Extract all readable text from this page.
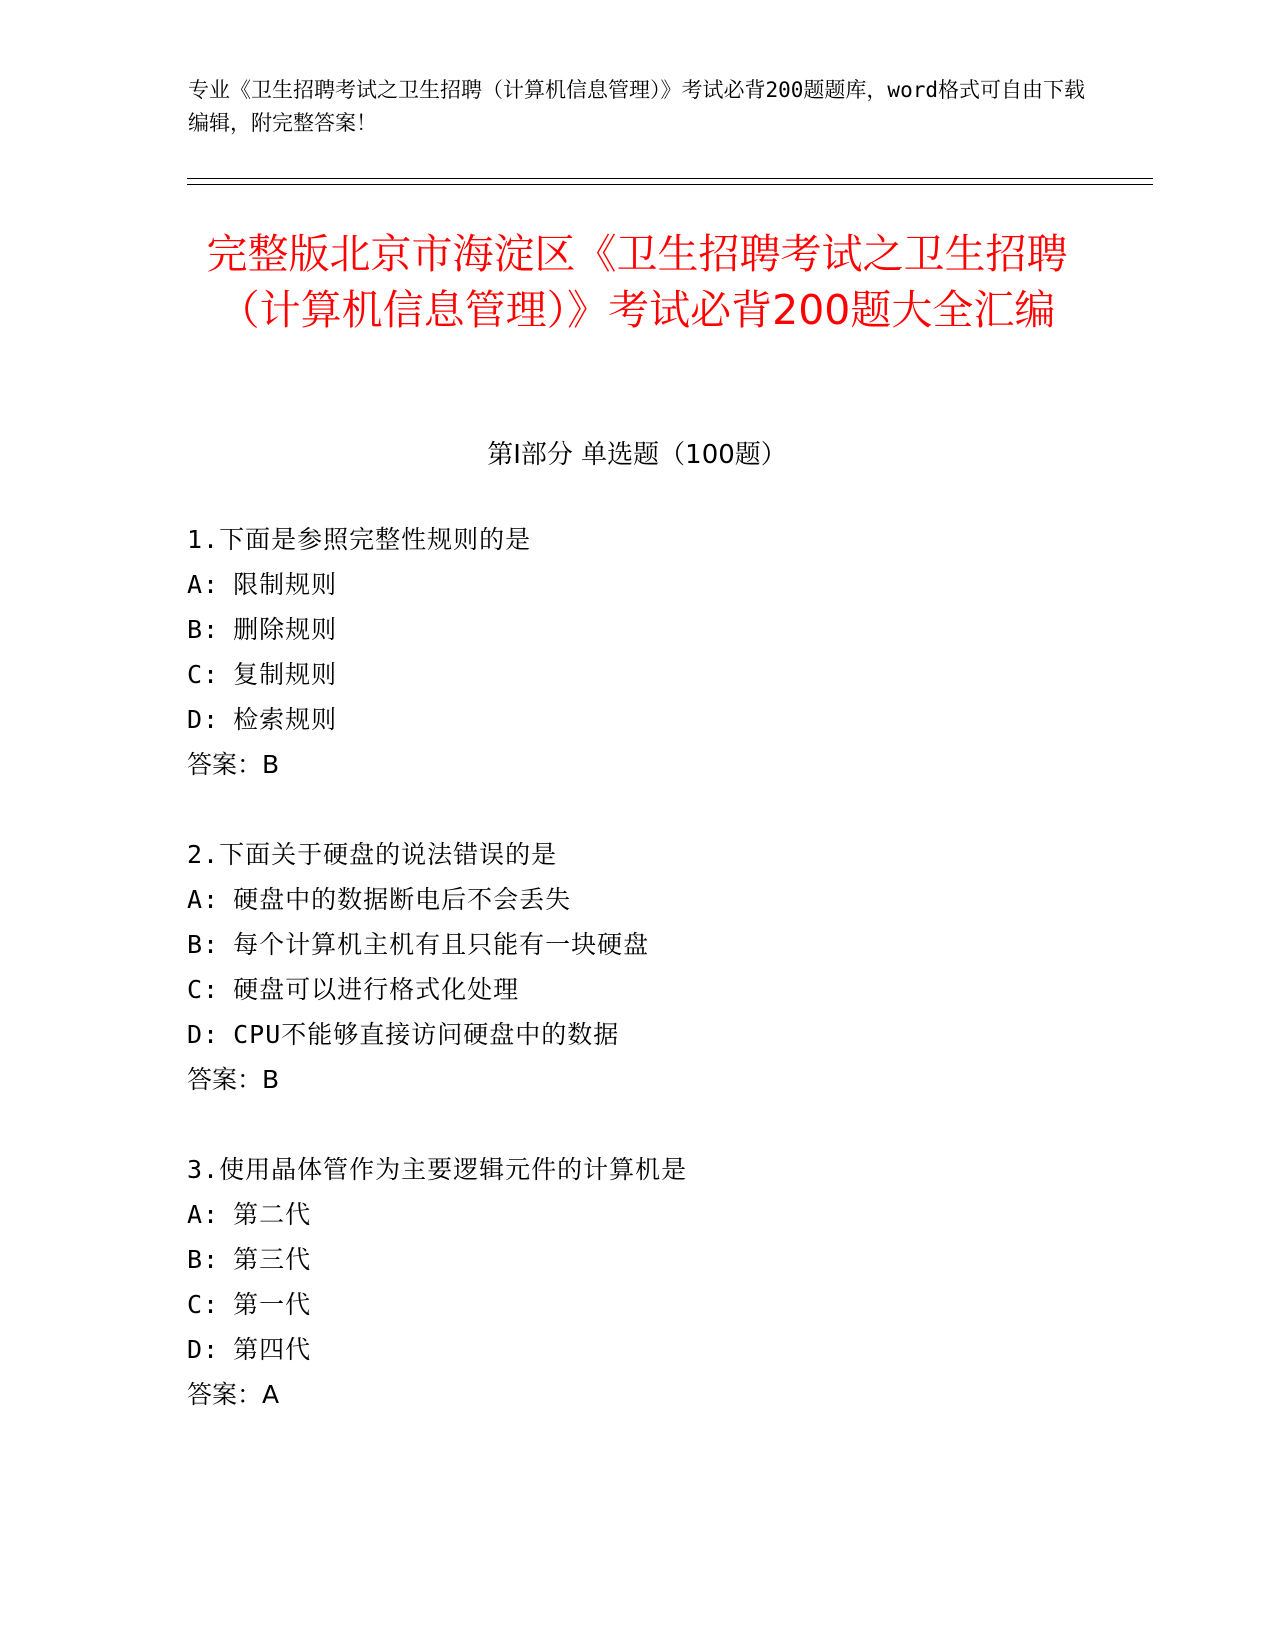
专业《卫生招聘考试之卫生招聘（计算机信息管理）》考试必背200题题库，word格式可自由下载编辑，附完整答案！

完整版北京市海淀区《卫生招聘考试之卫生招聘（计算机信息管理）》考试必背200题大全汇编
第Ⅰ部分 单选题（100题）
1.下面是参照完整性规则的是
A: 限制规则
B: 删除规则
C: 复制规则
D: 检索规则
答案：B
2.下面关于硬盘的说法错误的是
A: 硬盘中的数据断电后不会丢失
B: 每个计算机主机有且只能有一块硬盘
C: 硬盘可以进行格式化处理
D: CPU不能够直接访问硬盘中的数据
答案：B
3.使用晶体管作为主要逻辑元件的计算机是
A: 第二代
B: 第三代
C: 第一代
D: 第四代
答案：A
